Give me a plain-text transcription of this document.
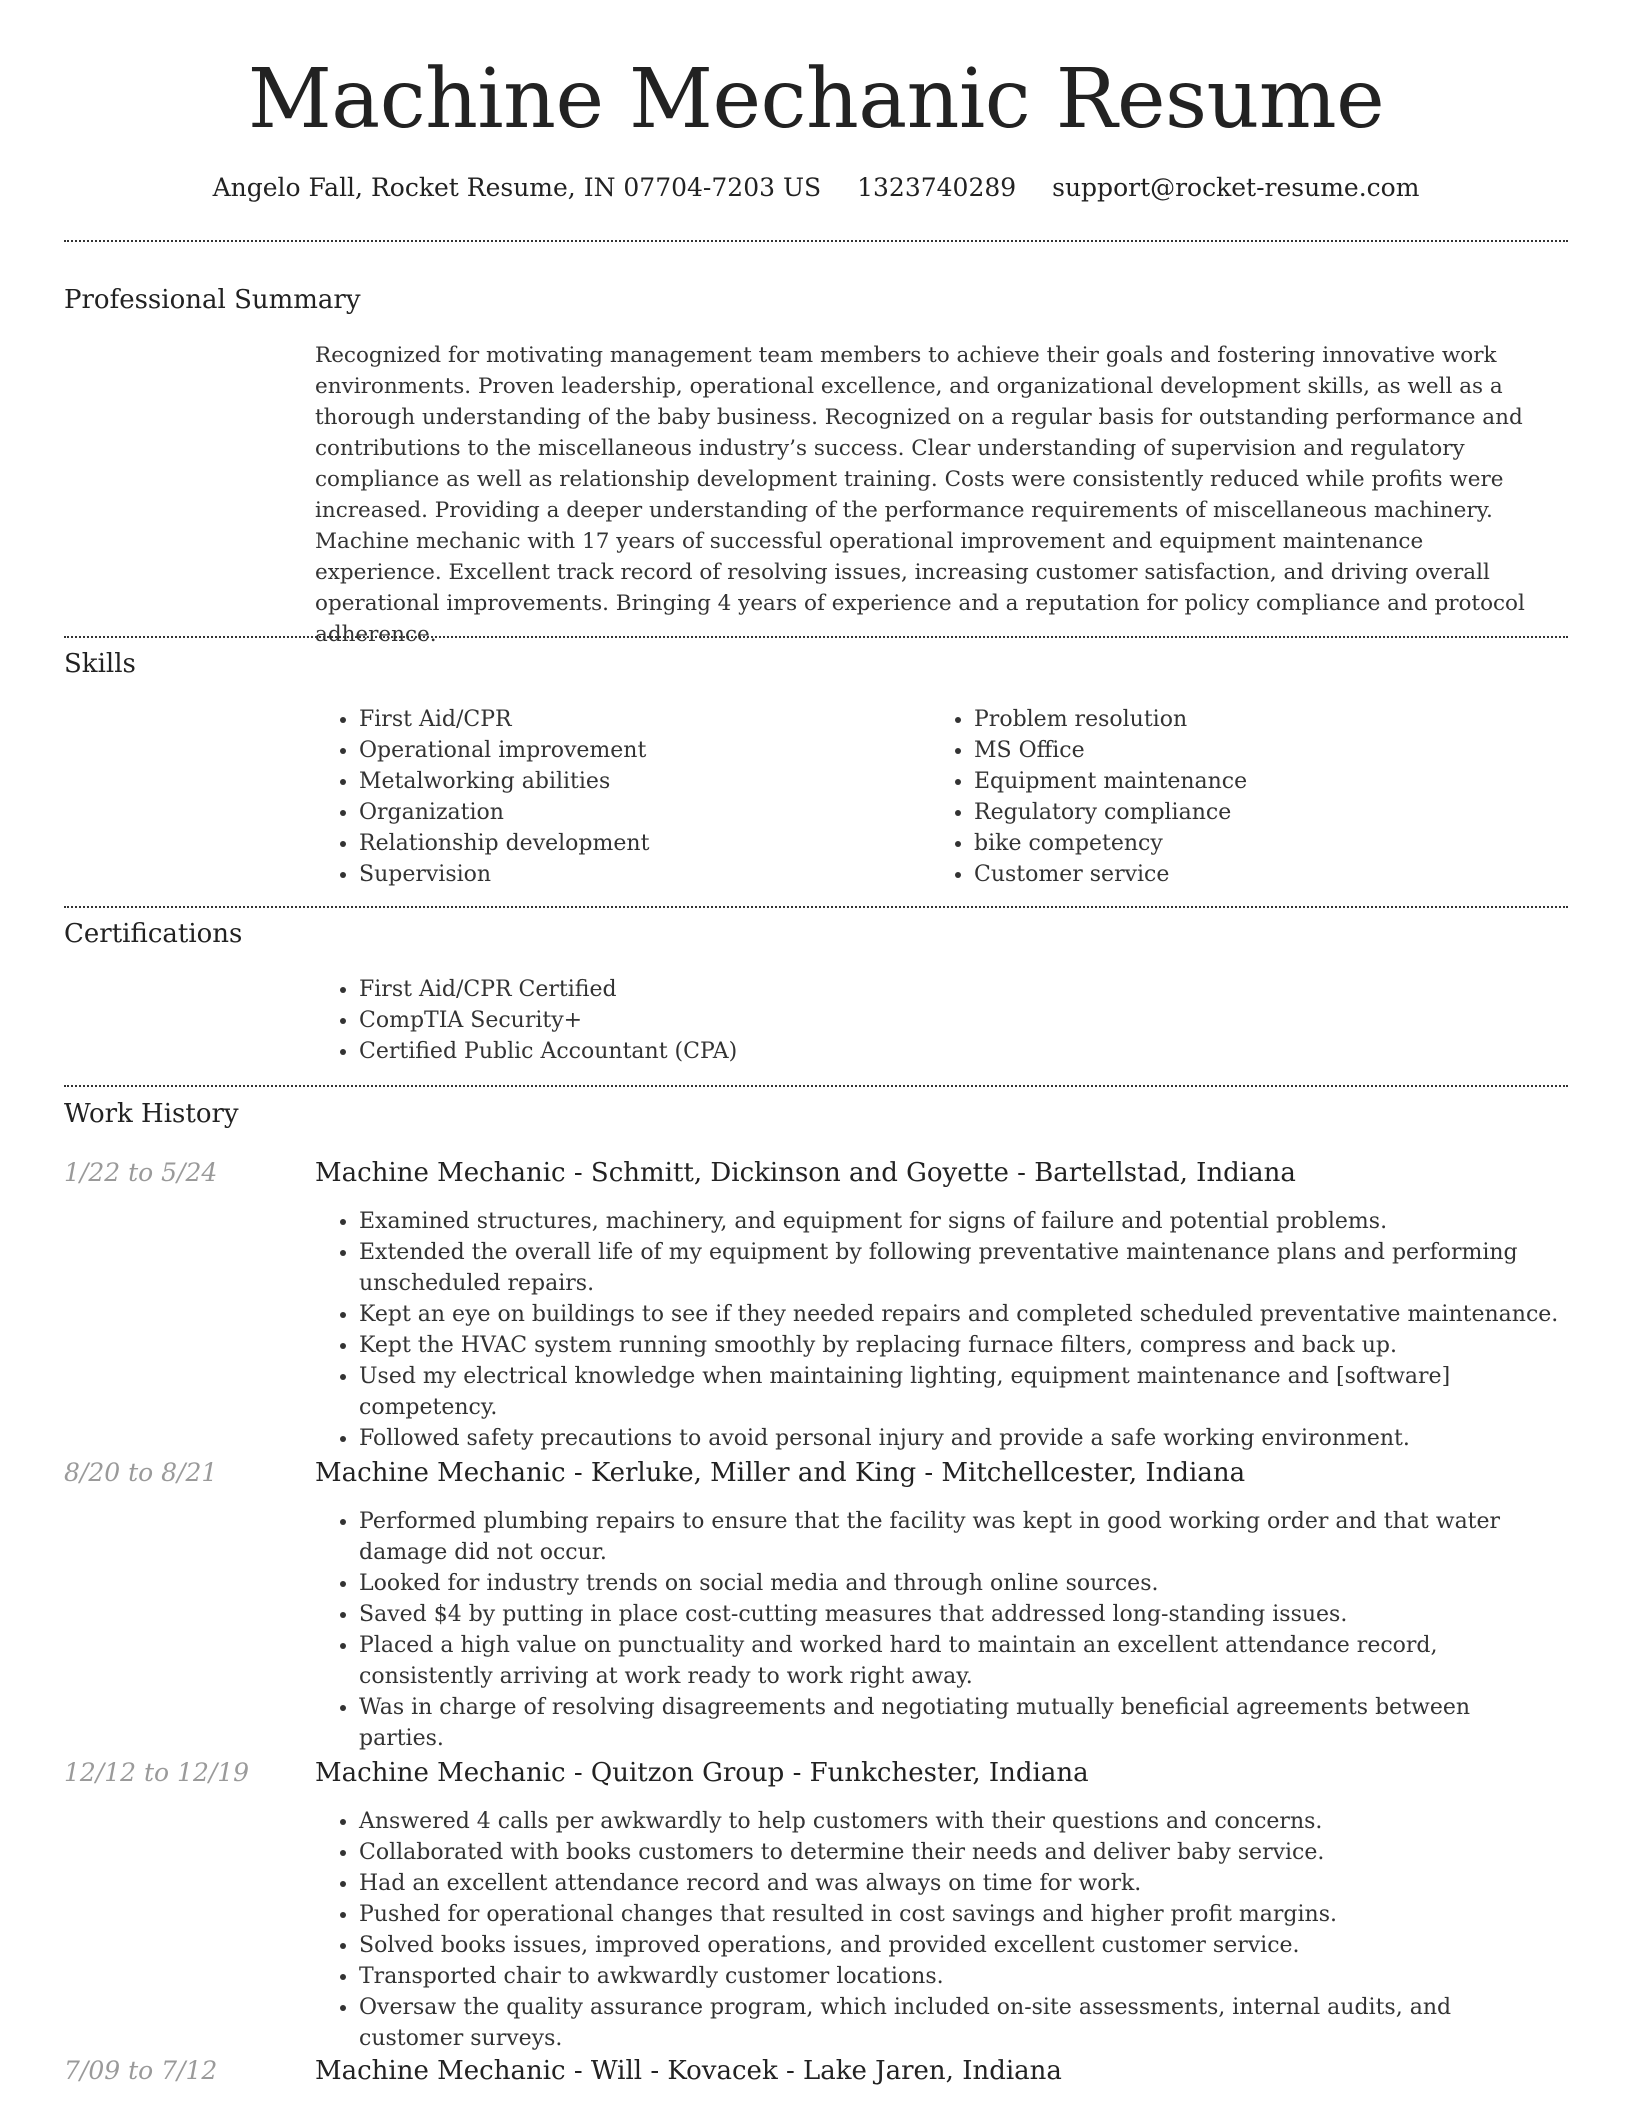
Machine Mechanic Resume
Angelo Fall, Rocket Resume, IN 07704-7203 US 1323740289 support@rocket-resume.com
Professional Summary

Recognized for motivating management team members to achieve their goals and fostering innovative work environments. Proven leadership, operational excellence, and organizational development skills, as well as a thorough understanding of the baby business. Recognized on a regular basis for outstanding performance and contributions to the miscellaneous industry’s success. Clear understanding of supervision and regulatory compliance as well as relationship development training. Costs were consistently reduced while profits were increased. Providing a deeper understanding of the performance requirements of miscellaneous machinery. Machine mechanic with 17 years of successful operational improvement and equipment maintenance experience. Excellent track record of resolving issues, increasing customer satisfaction, and driving overall operational improvements. Bringing 4 years of experience and a reputation for policy compliance and protocol adherence.

Skills
• First Aid/CPR
• Operational improvement
• Metalworking abilities
• Organization
• Relationship development
• Supervision
• Problem resolution
• MS Office
• Equipment maintenance
• Regulatory compliance
• bike competency
• Customer service
Certifications
• First Aid/CPR Certified
• CompTIA Security+
• Certified Public Accountant (CPA)
Work History
1/22 to 5/24	Machine Mechanic - Schmitt, Dickinson and Goyette - Bartellstad, Indiana
• Examined structures, machinery, and equipment for signs of failure and potential problems.
• Extended the overall life of my equipment by following preventative maintenance plans and performing unscheduled repairs.
• Kept an eye on buildings to see if they needed repairs and completed scheduled preventative maintenance.
• Kept the HVAC system running smoothly by replacing furnace filters, compress and back up.
• Used my electrical knowledge when maintaining lighting, equipment maintenance and [software] competency.
• Followed safety precautions to avoid personal injury and provide a safe working environment.
8/20 to 8/21	Machine Mechanic - Kerluke, Miller and King - Mitchellcester, Indiana
• Performed plumbing repairs to ensure that the facility was kept in good working order and that water damage did not occur.
• Looked for industry trends on social media and through online sources.
• Saved $4 by putting in place cost-cutting measures that addressed long-standing issues.
• Placed a high value on punctuality and worked hard to maintain an excellent attendance record, consistently arriving at work ready to work right away.
• Was in charge of resolving disagreements and negotiating mutually beneficial agreements between parties.
12/12 to 12/19	Machine Mechanic - Quitzon Group - Funkchester, Indiana
• Answered 4 calls per awkwardly to help customers with their questions and concerns.
• Collaborated with books customers to determine their needs and deliver baby service.
• Had an excellent attendance record and was always on time for work.
• Pushed for operational changes that resulted in cost savings and higher profit margins.
• Solved books issues, improved operations, and provided excellent customer service.
• Transported chair to awkwardly customer locations.
• Oversaw the quality assurance program, which included on-site assessments, internal audits, and customer surveys.
7/09 to 7/12	Machine Mechanic - Will - Kovacek - Lake Jaren, Indiana
